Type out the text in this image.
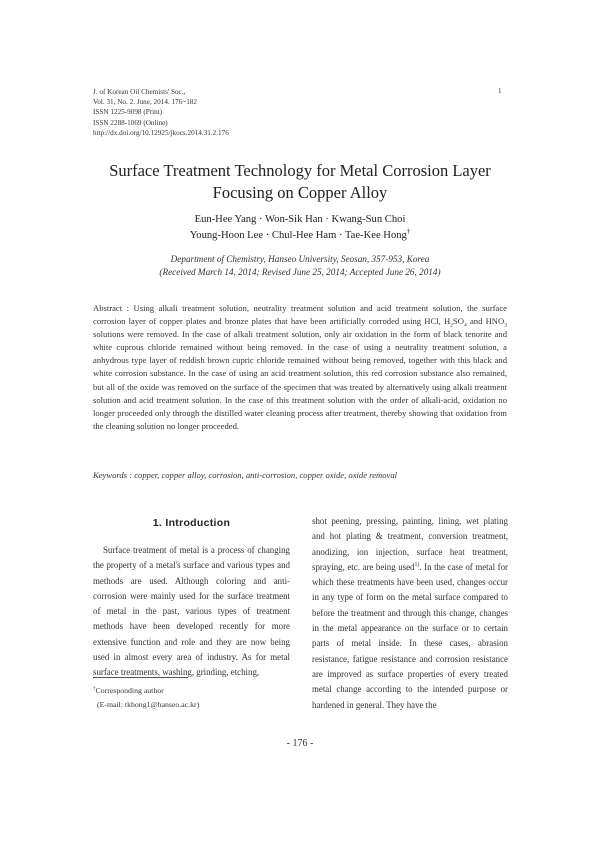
J. of Korean Oil Chemists' Soc.,
Vol. 31, No. 2. June, 2014. 176~182
ISSN 1225-9098 (Print)
ISSN 2288-1069 (Online)
http://dx.doi.org/10.12925/jkocs.2014.31.2.176
1
Surface Treatment Technology for Metal Corrosion Layer
Focusing on Copper Alloy
Eun-Hee Yang · Won-Sik Han · Kwang-Sun Choi
Young-Hoon Lee · Chul-Hee Ham · Tae-Kee Hong†
Department of Chemistry, Hanseo University, Seosan, 357-953, Korea
(Received March 14, 2014; Revised June 25, 2014; Accepted June 26, 2014)
Abstract : Using alkali treatment solution, neutrality treatment solution and acid treatment solution, the surface corrosion layer of copper plates and bronze plates that have been artificially corroded using HCl, $H_2SO_4$ and $HNO_3$ solutions were removed. In the case of alkali treatment solution, only air oxidation in the form of black tenorite and white cuprous chloride remained without being removed. In the case of using a neutrality treatment solution, a anhydrous type layer of reddish brown cupric chloride remained without being removed, together with this black and white corrosion substance. In the case of using an acid treatment solution, this red corrosion substance also remained, but all of the oxide was removed on the surface of the specimen that was treated by alternatively using alkali treatment solution and acid treatment solution. In the case of this treatment solution with the order of alkali-acid, oxidation no longer proceeded only through the distilled water cleaning process after treatment, thereby showing that oxidation from the cleaning solution no longer proceeded.
Keywords : copper, copper alloy, corrosion, anti-corrosion, copper oxide, oxide removal
1. Introduction

Surface treatment of metal is a process of changing the property of a metal's surface and various types and methods are used. Although coloring and anti-corrosion were mainly used for the surface treatment of metal in the past, various types of treatment methods have been developed recently for more extensive function and role and they are now being used in almost every area of industry. As for metal surface treatments, washing, grinding, etching,

shot peening, pressing, painting, lining, wet plating and hot plating & treatment, conversion treatment, anodizing, ion injection, surface heat treatment, spraying, etc. are being used$^{1)}$. In the case of metal for which these treatments have been used, changes occur in any type of form on the metal surface compared to before the treatment and through this change, changes in the metal appearance on the surface or to certain parts of metal inside. In these cases, abrasion resistance, fatigue resistance and corrosion resistance are improved as surface properties of every treated metal change according to the intended purpose or hardened in general. They have the

†Corresponding author
(E-mail: tkhong1@hanseo.ac.kr)
- 176 -
